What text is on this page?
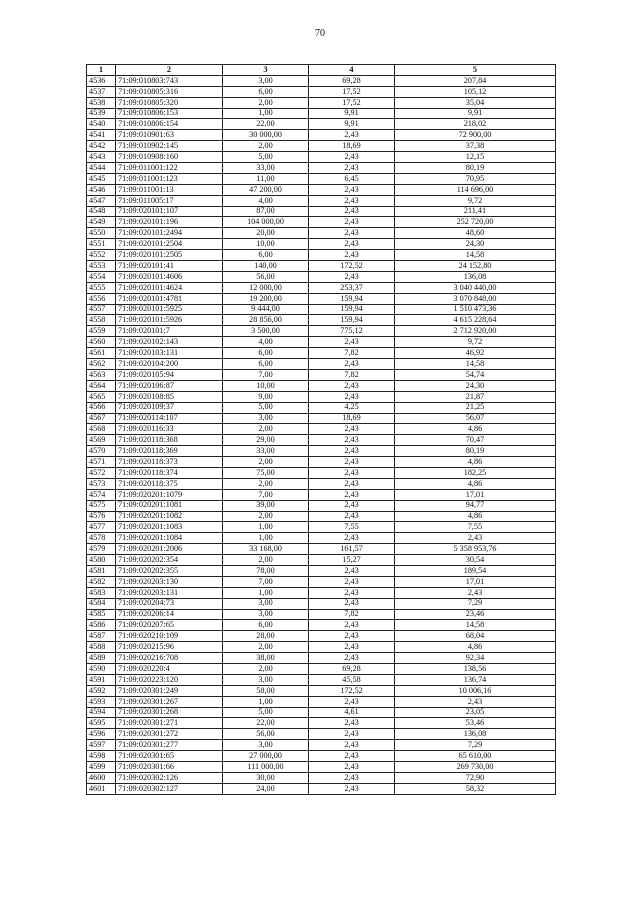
70
1	2	3	4	5
4536	71:09:010803:743	3,00	69,28	207,84
4537	71:09:010805:316	6,00	17,52	105,12
4538	71:09:010805:320	2,00	17,52	35,04
4539	71:09:010806:153	1,00	9,91	9,91
4540	71:09:010806:154	22,00	9,91	218,02
4541	71:09:010901:63	30 000,00	2,43	72 900,00
4542	71:09:010902:145	2,00	18,69	37,38
4543	71:09:010908:160	5,00	2,43	12,15
4544	71:09:011001:122	33,00	2,43	80,19
4545	71:09:011001:123	11,00	6,45	70,95
4546	71:09:011001:13	47 200,00	2,43	114 696,00
4547	71:09:011005:17	4,00	2,43	9,72
4548	71:09:020101:107	87,00	2,43	211,41
4549	71:09:020101:196	104 000,00	2,43	252 720,00
4550	71:09:020101:2494	20,00	2,43	48,60
4551	71:09:020101:2504	10,00	2,43	24,30
4552	71:09:020101:2505	6,00	2,43	14,58
4553	71:09:020101:41	140,00	172,52	24 152,80
4554	71:09:020101:4606	56,00	2,43	136,08
4555	71:09:020101:4624	12 000,00	253,37	3 040 440,00
4556	71:09:020101:4781	19 200,00	159,94	3 070 848,00
4557	71:09:020101:5925	9 444,00	159,94	1 510 473,36
4558	71:09:020101:5926	28 856,00	159,94	4 615 228,64
4559	71:09:020101:7	3 500,00	775,12	2 712 920,00
4560	71:09:020102:143	4,00	2,43	9,72
4561	71:09:020103:131	6,00	7,82	46,92
4562	71:09:020104:200	6,00	2,43	14,58
4563	71:09:020105:94	7,00	7,82	54,74
4564	71:09:020106:87	10,00	2,43	24,30
4565	71:09:020108:85	9,00	2,43	21,87
4566	71:09:020109:37	5,00	4,25	21,25
4567	71:09:020114:107	3,00	18,69	56,07
4568	71:09:020116:33	2,00	2,43	4,86
4569	71:09:020118:368	29,00	2,43	70,47
4570	71:09:020118:369	33,00	2,43	80,19
4571	71:09:020118:373	2,00	2,43	4,86
4572	71:09:020118:374	75,00	2,43	182,25
4573	71:09:020118:375	2,00	2,43	4,86
4574	71:09:020201:1079	7,00	2,43	17,01
4575	71:09:020201:1081	39,00	2,43	94,77
4576	71:09:020201:1082	2,00	2,43	4,86
4577	71:09:020201:1083	1,00	7,55	7,55
4578	71:09:020201:1084	1,00	2,43	2,43
4579	71:09:020201:2006	33 168,00	161,57	5 358 953,76
4580	71:09:020202:354	2,00	15,27	30,54
4581	71:09:020202:355	78,00	2,43	189,54
4582	71:09:020203:130	7,00	2,43	17,01
4583	71:09:020203:131	1,00	2,43	2,43
4584	71:09:020204:73	3,00	2,43	7,29
4585	71:09:020206:14	3,00	7,82	23,46
4586	71:09:020207:65	6,00	2,43	14,58
4587	71:09:020210:109	28,00	2,43	68,04
4588	71:09:020215:96	2,00	2,43	4,86
4589	71:09:020216:708	38,00	2,43	92,34
4590	71:09:020220:4	2,00	69,28	138,56
4591	71:09:020223:120	3,00	45,58	136,74
4592	71:09:020301:249	58,00	172,52	10 006,16
4593	71:09:020301:267	1,00	2,43	2,43
4594	71:09:020301:268	5,00	4,61	23,05
4595	71:09:020301:271	22,00	2,43	53,46
4596	71:09:020301:272	56,00	2,43	136,08
4597	71:09:020301:277	3,00	2,43	7,29
4598	71:09:020301:65	27 000,00	2,43	65 610,00
4599	71:09:020301:66	111 000,00	2,43	269 730,00
4600	71:09:020302:126	30,00	2,43	72,90
4601	71:09:020302:127	24,00	2,43	58,32
